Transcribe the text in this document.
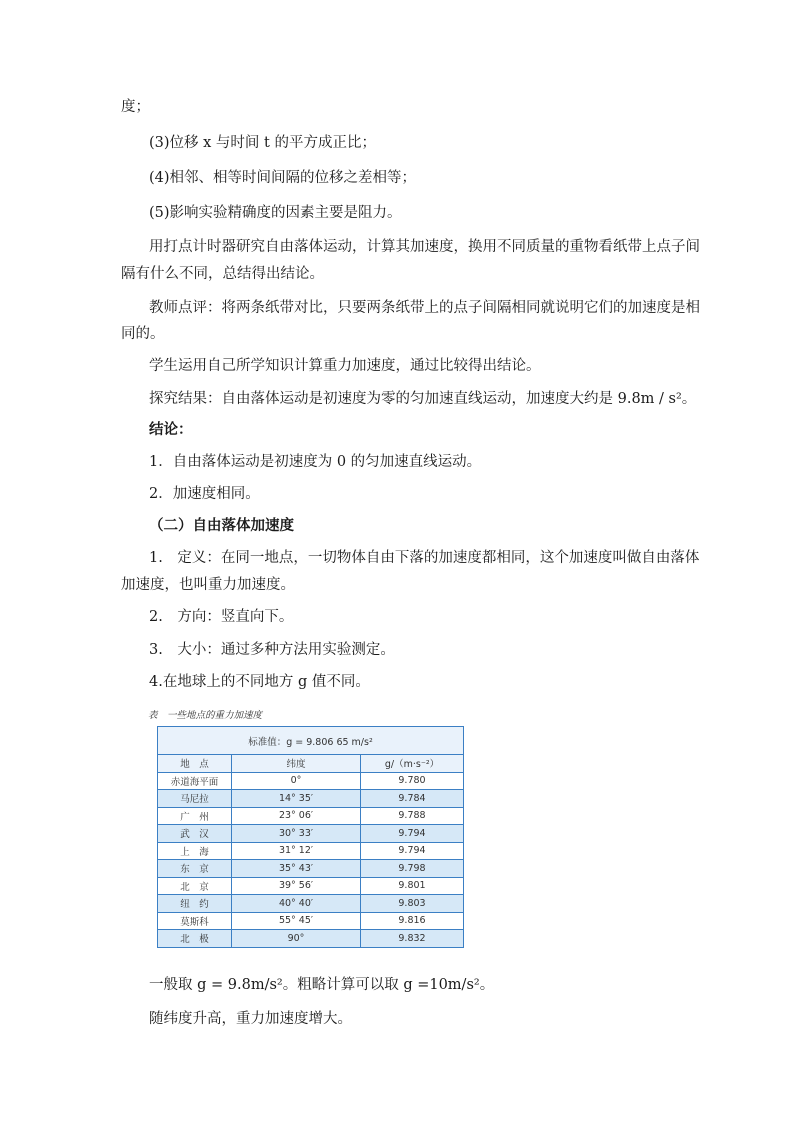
度；
(3)位移 x 与时间 t 的平方成正比；
(4)相邻、相等时间间隔的位移之差相等；
(5)影响实验精确度的因素主要是阻力。
用打点计时器研究自由落体运动，计算其加速度，换用不同质量的重物看纸带上点子间
隔有什么不同，总结得出结论。
教师点评：将两条纸带对比，只要两条纸带上的点子间隔相同就说明它们的加速度是相
同的。
学生运用自己所学知识计算重力加速度，通过比较得出结论。
探究结果：自由落体运动是初速度为零的匀加速直线运动，加速度大约是 9.8m / s²。
结论：
1．自由落体运动是初速度为 0 的匀加速直线运动。
2．加速度相同。
（二）自由落体加速度
1.　定义：在同一地点，一切物体自由下落的加速度都相同，这个加速度叫做自由落体
加速度，也叫重力加速度。
2.　方向：竖直向下。
3.　大小：通过多种方法用实验测定。
4.在地球上的不同地方 g 值不同。
表　一些地点的重力加速度
标准值：g = 9.806 65 m/s²		
地　点	纬度	g/（m·s⁻²）
赤道海平面	0°	9.780
马尼拉	14° 35′	9.784
广　州	23° 06′	9.788
武　汉	30° 33′	9.794
上　海	31° 12′	9.794
东　京	35° 43′	9.798
北　京	39° 56′	9.801
纽　约	40° 40′	9.803
莫斯科	55° 45′	9.816
北　极	90°	9.832
一般取 g = 9.8m/s²。粗略计算可以取 g =10m/s²。
随纬度升高，重力加速度增大。
